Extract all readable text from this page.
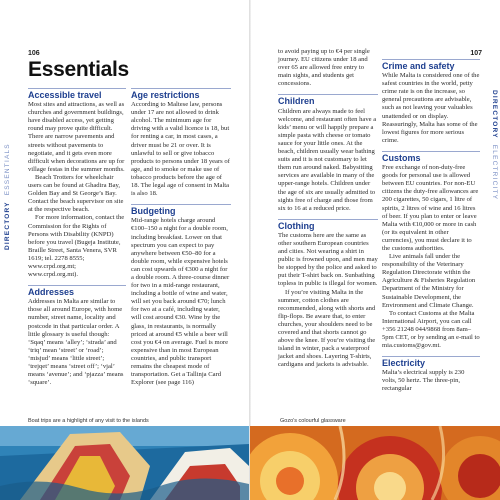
106
Essentials
DIRECTORYESSENTIALS
Accessible travel

Most sites and attractions, as well as churches and government buildings, have disabled access, yet getting round may prove quite difficult. There are narrow pavements and streets without pavements to negotiate, and it gets even more difficult when decorations are up for village festas in the summer months.

Beach Trotters for wheelchair users can be found at Ghadira Bay, Golden Bay and St George’s Bay. Contact the beach supervisor on site at the respective beach.

For more information, contact the Commission for the Rights of Persons with Disability (KNPD) before you travel (Bugeja Institute, Braille Street, Santa Venera, SVR 1619; tel. 2278 8555; www.crpd.org.mt; www.crpd.org.mt).

Addresses

Addresses in Malta are similar to those all around Europe, with home number, street name, locality and postcode in that particular order. A little glossary is useful though: ‘Sqaq’ means ‘alley’; ‘strada’ and ‘triq’ mean ‘street’ or ‘road’; ‘misjud’ means ‘little street’; ‘trejqet’ means ‘street off’; ‘vjal’ means ‘avenue’; and ‘pjazza’ means ‘square’.

Age restrictions

According to Maltese law, persons under 17 are not allowed to drink alcohol. The minimum age for driving with a valid licence is 18, but for renting a car, in most cases, a driver must be 21 or over. It is unlawful to sell or give tobacco products to persons under 18 years of age, and to smoke or make use of tobacco products before the age of 18. The legal age of consent in Malta is also 18.

Budgeting

Mid-range hotels charge around €100–150 a night for a double room, including breakfast. Lower on that spectrum you can expect to pay anywhere between €50–80 for a double room, while expensive hotels can cost upwards of €300 a night for a double room. A three-course dinner for two in a mid-range restaurant, including a bottle of wine and water, will set you back around €70; lunch for two at a café, including water, will cost around €30. Wine by the glass, in restaurants, is normally priced at around €5 while a beer will cost you €4 on average. Fuel is more expensive than in most European countries, and public transport remains the cheapest mode of transportation. Get a Tallinja Card Explorer (see page 116)

Boat trips are a highlight of any visit to the islands
107
DIRECTORYELECTRICITY

to avoid paying up to €4 per single journey. EU citizens under 18 and over 65 are allowed free entry to main sights, and students get concessions.

Children

Children are always made to feel welcome, and restaurant often have a kids’ menu or will happily prepare a simple pasta with cheese or tomato sauce for your little ones. At the beach, children usually wear bathing suits and it is not customary to let them run around naked. Babysitting services are available in many of the upper-range hotels. Children under the age of six are usually admitted to sights free of charge and those from six to 16 at a reduced price.

Clothing

The customs here are the same as other southern European countries and cities. Not wearing a shirt in public is frowned upon, and men may be stopped by the police and asked to put their T-shirt back on. Sunbathing topless in public is illegal for women.

If you’re visiting Malta in the summer, cotton clothes are recommended, along with shorts and flip-flops. Be aware that, to enter churches, your shoulders need to be covered and that shorts cannot go above the knee. If you’re visiting the island in winter, pack a waterproof jacket and shoes. Layering T-shirts, cardigans and jackets is advisable.

Crime and safety

While Malta is considered one of the safest countries in the world, petty crime rate is on the increase, so general precautions are advisable, such as not leaving your valuables unattended or on display. Reassuringly, Malta has some of the lowest figures for more serious crime.

Customs

Free exchange of non-duty-free goods for personal use is allowed between EU countries. For non-EU citizens the duty-free allowances are 200 cigarettes, 50 cigars, 1 litre of spirits, 2 litres of wine and 16 litres of beer. If you plan to enter or leave Malta with €10,000 or more in cash (or its equivalent in other currencies), you must declare it to the customs authorities.

Live animals fall under the responsibility of the Veterinary Regulation Directorate within the Agriculture & Fisheries Regulation Department of the Ministry for Sustainable Development, the Environment and Climate Change.

To contact Customs at the Malta International Airport, you can call +356 21248 044/9868 from 8am–5pm CET, or by sending an e-mail to mia.customs@gov.mt.

Electricity

Malta’s electrical supply is 230 volts, 50 hertz. The three-pin, rectangular

Gozo’s colourful glassware
